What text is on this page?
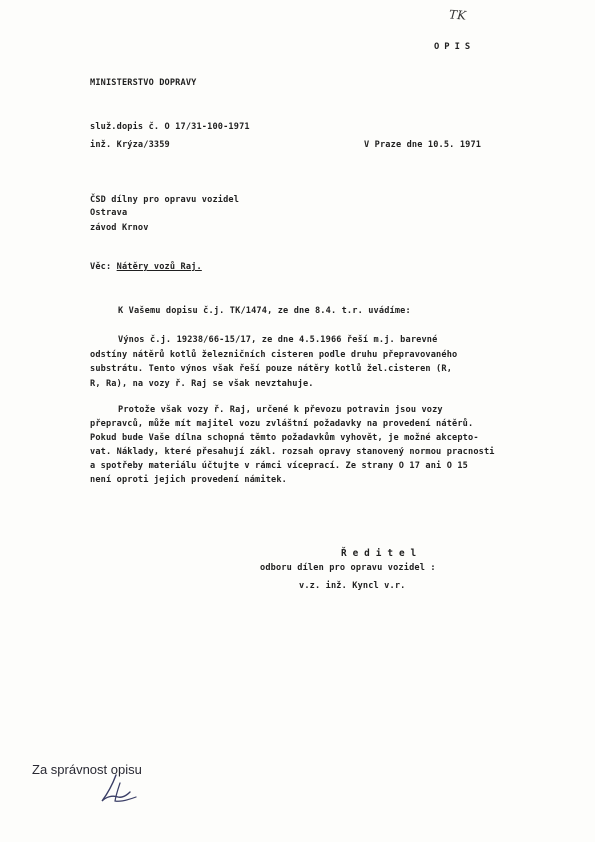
TK
OPIS
MINISTERSTVO DOPRAVY
služ.dopis č. O 17/31-100-1971
inž. Krýza/3359	V Praze dne 10.5. 1971
ČSD dílny pro opravu vozidel
Ostrava
závod Krnov
Věc: Nátěry vozů Raj.
K Vašemu dopisu č.j. TK/1474, ze dne 8.4. t.r. uvádíme:
Výnos č.j. 19238/66-15/17, ze dne 4.5.1966 řeší m.j. barevné
odstíny nátěrů kotlů železničních cisteren podle druhu přepravovaného
substrátu. Tento výnos však řeší pouze nátěry kotlů žel.cisteren (R,
R, Ra), na vozy ř. Raj se však nevztahuje.
Protože však vozy ř. Raj, určené k převozu potravin jsou vozy
přepravců, může mít majitel vozu zvláštní požadavky na provedení nátěrů.
Pokud bude Vaše dílna schopná těmto požadavkům vyhovět, je možné akcepto-
vat. Náklady, které přesahují zákl. rozsah opravy stanovený normou pracnosti
a spotřeby materiálu účtujte v rámci víceprací. Ze strany O 17 ani O 15
není oproti jejich provedení námitek.
Ř e d i t e l
odboru dílen pro opravu vozidel :
v.z. inž. Kyncl v.r.
Za správnost opisu
